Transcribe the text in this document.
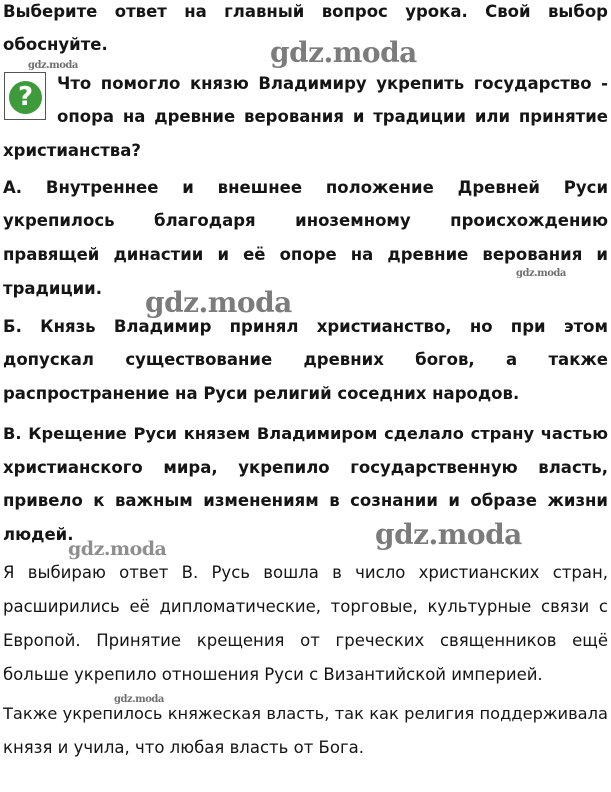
Выберите ответ на главный вопрос урока. Свой выбор
обоснуйте.
?	Что помогло князю Владимиру укрепить государство -
опора на древние верования и традиции или принятие
христианства?
А. Внутреннее и внешнее положение Древней Руси
укрепилось благодаря иноземному происхождению
правящей династии и её опоре на древние верования и
традиции.
Б. Князь Владимир принял христианство, но при этом
допускал существование древних богов, а также
распространение на Руси религий соседних народов.
В. Крещение Руси князем Владимиром сделало страну частью
христианского мира, укрепило государственную власть,
привело к важным изменениям в сознании и образе жизни
людей.
Я выбираю ответ В. Русь вошла в число христианских стран,
расширились её дипломатические, торговые, культурные связи с
Европой. Принятие крещения от греческих священников ещё
больше укрепило отношения Руси с Византийской империей.
Также укрепилось княжеская власть, так как религия поддерживала
князя и учила, что любая власть от Бога.
gdz.moda
gdz.moda
gdz.moda
gdz.moda
gdz.moda
gdz.moda
gdz.moda
